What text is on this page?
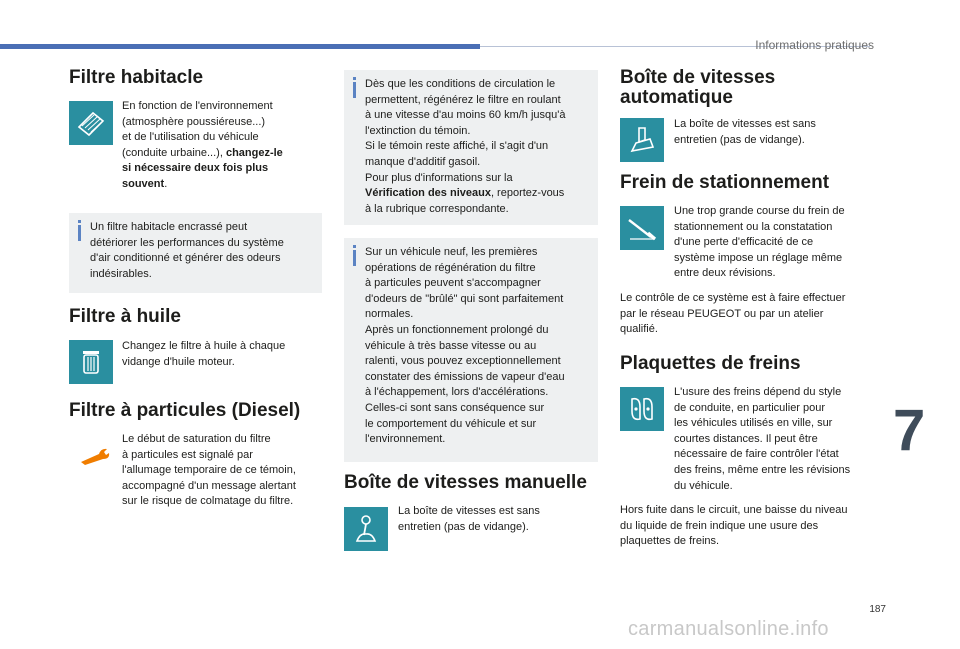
Informations pratiques
7
187
carmanualsonline.info
Filtre habitacle
En fonction de l'environnement
(atmosphère poussiéreuse...)
et de l'utilisation du véhicule
(conduite urbaine...), changez-le
si nécessaire deux fois plus
souvent.
Un filtre habitacle encrassé peut
détériorer les performances du système
d'air conditionné et générer des odeurs
indésirables.
Filtre à huile
Changez le filtre à huile à chaque
vidange d'huile moteur.
Filtre à particules (Diesel)
Le début de saturation du filtre
à particules est signalé par
l'allumage temporaire de ce témoin,
accompagné d'un message alertant
sur le risque de colmatage du filtre.
Dès que les conditions de circulation le
permettent, régénérez le filtre en roulant
à une vitesse d'au moins 60 km/h jusqu'à
l'extinction du témoin.
Si le témoin reste affiché, il s'agit d'un
manque d'additif gasoil.
Pour plus d'informations sur la
Vérification des niveaux, reportez-vous
à la rubrique correspondante.
Sur un véhicule neuf, les premières
opérations de régénération du filtre
à particules peuvent s'accompagner
d'odeurs de "brûlé" qui sont parfaitement
normales.
Après un fonctionnement prolongé du
véhicule à très basse vitesse ou au
ralenti, vous pouvez exceptionnellement
constater des émissions de vapeur d'eau
à l'échappement, lors d'accélérations.
Celles-ci sont sans conséquence sur
le comportement du véhicule et sur
l'environnement.
Boîte de vitesses manuelle
La boîte de vitesses est sans
entretien (pas de vidange).
Boîte de vitesses
automatique
La boîte de vitesses est sans
entretien (pas de vidange).
Frein de stationnement
Une trop grande course du frein de
stationnement ou la constatation
d'une perte d'efficacité de ce
système impose un réglage même
entre deux révisions.
Le contrôle de ce système est à faire effectuer
par le réseau PEUGEOT ou par un atelier
qualifié.
Plaquettes de freins
L'usure des freins dépend du style
de conduite, en particulier pour
les véhicules utilisés en ville, sur
courtes distances. Il peut être
nécessaire de faire contrôler l'état
des freins, même entre les révisions
du véhicule.
Hors fuite dans le circuit, une baisse du niveau
du liquide de frein indique une usure des
plaquettes de freins.
